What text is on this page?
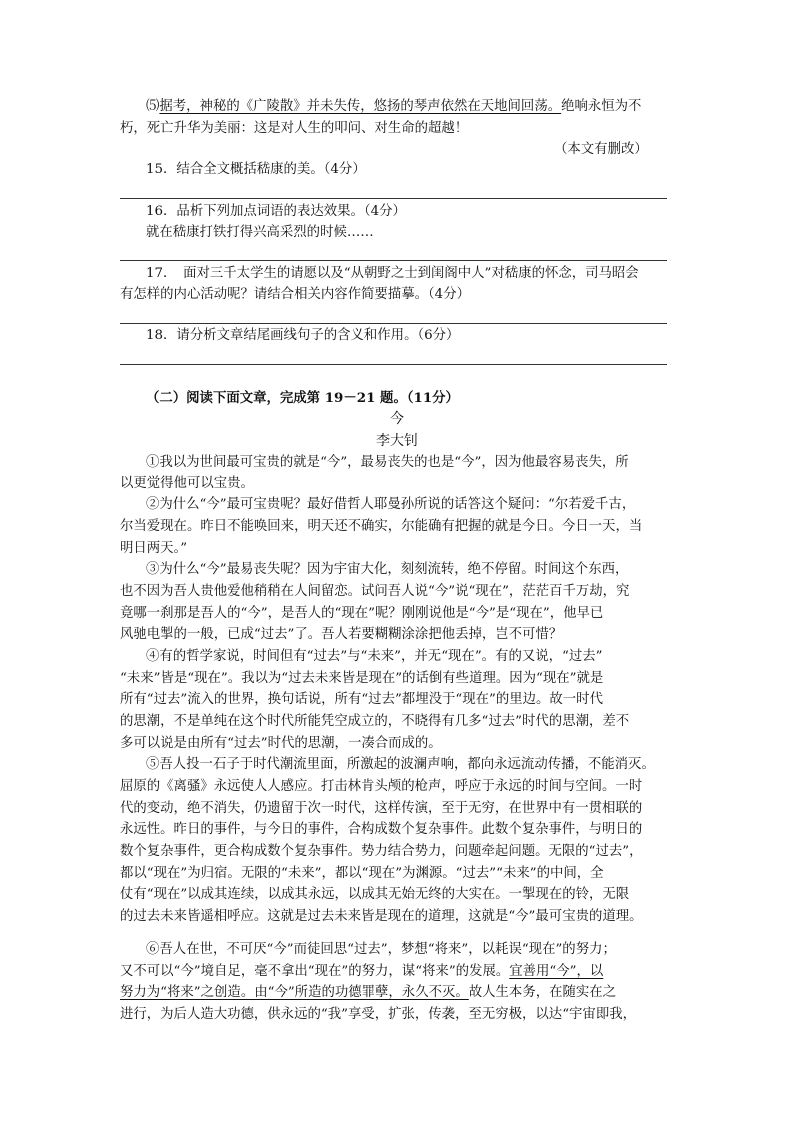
⑸据考，神秘的《广陵散》并未失传，悠扬的琴声依然在天地间回荡。绝响永恒为不
朽，死亡升华为美丽：这是对人生的叩问、对生命的超越！
（本文有删改）
15．结合全文概括嵇康的美。（4分）
16．品析下列加点词语的表达效果。（4分）
就在嵇康打铁打得兴高采烈的时候……
17．　面对三千太学生的请愿以及“从朝野之士到闺阁中人”对嵇康的怀念，司马昭会
有怎样的内心活动呢？请结合相关内容作简要描摹。（4分）
18．请分析文章结尾画线句子的含义和作用。（6分）
（二）阅读下面文章，完成第 19－21 题。（11分）
今
李大钊
①我以为世间最可宝贵的就是“今”，最易丧失的也是“今”，因为他最容易丧失，所
以更觉得他可以宝贵。
②为什么“今”最可宝贵呢？最好借哲人耶曼孙所说的话答这个疑问：“尔若爱千古，
尔当爱现在。昨日不能唤回来，明天还不确实，尔能确有把握的就是今日。今日一天，当
明日两天。”
③为什么“今”最易丧失呢？因为宇宙大化，刻刻流转，绝不停留。时间这个东西，
也不因为吾人贵他爱他稍稍在人间留恋。试问吾人说“今”说“现在”，茫茫百千万劫，究
竟哪一刹那是吾人的“今”，是吾人的“现在”呢？刚刚说他是“今”是“现在”，他早已
风驰电掣的一般，已成“过去”了。吾人若要糊糊涂涂把他丢掉，岂不可惜？
④有的哲学家说，时间但有“过去”与“未来”，并无“现在”。有的又说，“过去”
“未来”皆是“现在”。我以为“过去未来皆是现在”的话倒有些道理。因为“现在”就是
所有“过去”流入的世界，换句话说，所有“过去”都埋没于“现在”的里边。故一时代
的思潮，不是单纯在这个时代所能凭空成立的，不晓得有几多“过去”时代的思潮，差不
多可以说是由所有“过去”时代的思潮，一凑合而成的。
⑤吾人投一石子于时代潮流里面，所激起的波澜声响，都向永远流动传播，不能消灭。
屈原的《离骚》永远使人人感应。打击林肯头颅的枪声，呼应于永远的时间与空间。一时
代的变动，绝不消失，仍遗留于次一时代，这样传演，至于无穷，在世界中有一贯相联的
永远性。昨日的事件，与今日的事件，合构成数个复杂事件。此数个复杂事件，与明日的
数个复杂事件，更合构成数个复杂事件。势力结合势力，问题牵起问题。无限的“过去”，
都以“现在”为归宿。无限的“未来”，都以“现在”为渊源。“过去”“未来”的中间，全
仗有“现在”以成其连续，以成其永远，以成其无始无终的大实在。一掣现在的铃，无限
的过去未来皆遥相呼应。这就是过去未来皆是现在的道理，这就是“今”最可宝贵的道理。
⑥吾人在世，不可厌“今”而徒回思“过去”，梦想“将来”，以耗误“现在”的努力；
又不可以“今”境自足，毫不拿出“现在”的努力，谋“将来”的发展。宜善用“今”，以
努力为“将来”之创造。由“今”所造的功德罪孽，永久不灭。故人生本务，在随实在之
进行，为后人造大功德，供永远的“我”享受，扩张，传袭，至无穷极，以达“宇宙即我，
